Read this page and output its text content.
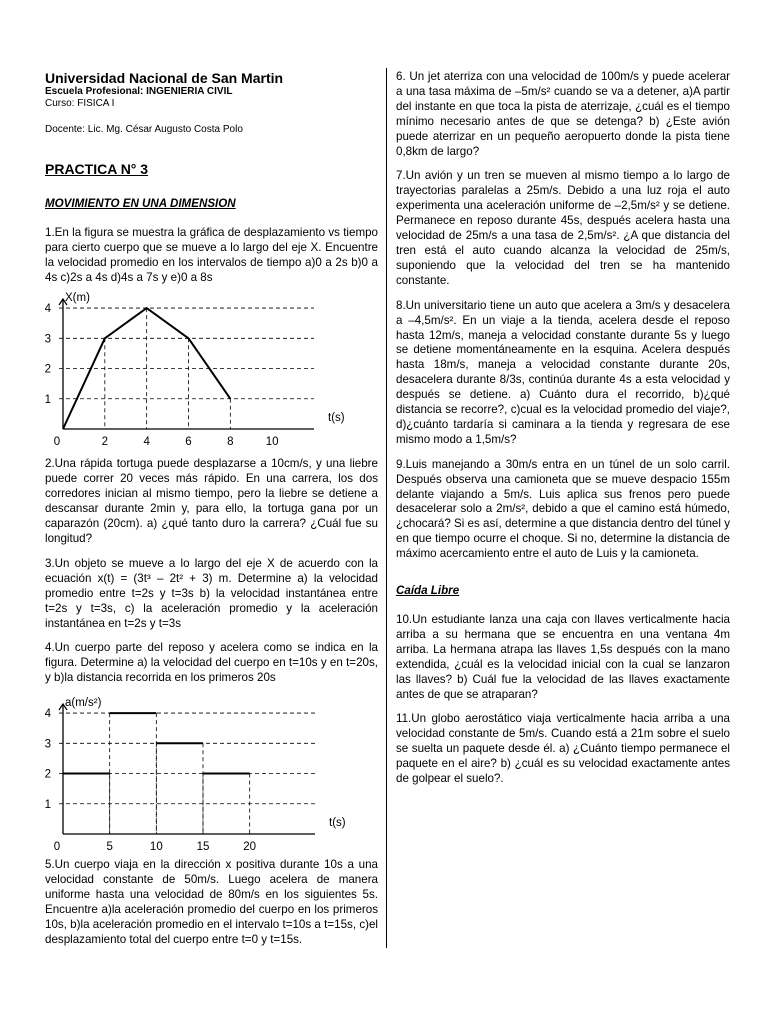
Universidad Nacional de San Martin

Escuela Profesional: INGENIERIA CIVIL

Curso: FISICA I

Docente: Lic. Mg. César Augusto Costa Polo

PRACTICA N° 3

MOVIMIENTO EN UNA DIMENSION

1.En la figura se muestra la gráfica de desplazamiento vs tiempo para cierto cuerpo que se mueve a lo largo del eje X. Encuentre la velocidad promedio en los intervalos de tiempo a)0 a 2s b)0 a 4s c)2s a 4s d)4s a 7s y e)0 a 8s

1
2
3
4
0	2	4	6	8	10
X(m)
t(s)

2.Una rápida tortuga puede desplazarse a 10cm/s, y una liebre puede correr 20 veces más rápido. En una carrera, los dos corredores inician al mismo tiempo, pero la liebre se detiene a descansar durante 2min y, para ello, la tortuga gana por un caparazón (20cm). a) ¿qué tanto duro la carrera? ¿Cuál fue su longitud?

3.Un objeto se mueve a lo largo del eje X de acuerdo con la ecuación x(t) = (3t³ – 2t² + 3) m. Determine a) la velocidad promedio entre t=2s y t=3s b) la velocidad instantánea entre t=2s y t=3s, c) la aceleración promedio y la aceleración instantánea en t=2s y t=3s

4.Un cuerpo parte del reposo y acelera como se indica en la figura. Determine a) la velocidad del cuerpo en t=10s y en t=20s, y b)la distancia recorrida en los primeros 20s

1
2
3
4
0	5	10	15	20
a(m/s²)
t(s)

5.Un cuerpo viaja en la dirección x positiva durante 10s a una velocidad constante de 50m/s. Luego acelera de manera uniforme hasta una velocidad de 80m/s en los siguientes 5s. Encuentre a)la aceleración promedio del cuerpo en los primeros 10s, b)la aceleración promedio en el intervalo t=10s a t=15s, c)el desplazamiento total del cuerpo entre t=0 y t=15s.

6. Un jet aterriza con una velocidad de 100m/s y puede acelerar a una tasa máxima de –5m/s² cuando se va a detener, a)A partir del instante en que toca la pista de aterrizaje, ¿cuál es el tiempo mínimo necesario antes de que se detenga? b) ¿Este avión puede aterrizar en un pequeño aeropuerto donde la pista tiene 0,8km de largo?

7.Un avión y un tren se mueven al mismo tiempo a lo largo de trayectorias paralelas a 25m/s. Debido a una luz roja el auto experimenta una aceleración uniforme de –2,5m/s² y se detiene. Permanece en reposo durante 45s, después acelera hasta una velocidad de 25m/s a una tasa de 2,5m/s². ¿A que distancia del tren está el auto cuando alcanza la velocidad de 25m/s, suponiendo que la velocidad del tren se ha mantenido constante.

8.Un universitario tiene un auto que acelera a 3m/s y desacelera a –4,5m/s². En un viaje a la tienda, acelera desde el reposo hasta 12m/s, maneja a velocidad constante durante 5s y luego se detiene momentáneamente en la esquina. Acelera después hasta 18m/s, maneja a velocidad constante durante 20s, desacelera durante 8/3s, continúa durante 4s a esta velocidad y después se detiene. a) Cuánto dura el recorrido, b)¿qué distancia se recorre?, c)cual es la velocidad promedio del viaje?, d)¿cuánto tardaría si caminara a la tienda y regresara de ese mismo modo a 1,5m/s?

9.Luis manejando a 30m/s entra en un túnel de un solo carril. Después observa una camioneta que se mueve despacio 155m delante viajando a 5m/s. Luis aplica sus frenos pero puede desacelerar solo a 2m/s², debido a que el camino está húmedo, ¿chocará? Si es así, determine a que distancia dentro del túnel y en que tiempo ocurre el choque. Si no, determine la distancia de máximo acercamiento entre el auto de Luis y la camioneta.

Caída Libre

10.Un estudiante lanza una caja con llaves verticalmente hacia arriba a su hermana que se encuentra en una ventana 4m arriba. La hermana atrapa las llaves 1,5s después con la mano extendida, ¿cuál es la velocidad inicial con la cual se lanzaron las llaves? b) Cuál fue la velocidad de las llaves exactamente antes de que se atraparan?

11.Un globo aerostático viaja verticalmente hacia arriba a una velocidad constante de 5m/s. Cuando está a 21m sobre el suelo se suelta un paquete desde él. a) ¿Cuánto tiempo permanece el paquete en el aire? b) ¿cuál es su velocidad exactamente antes de golpear el suelo?.
